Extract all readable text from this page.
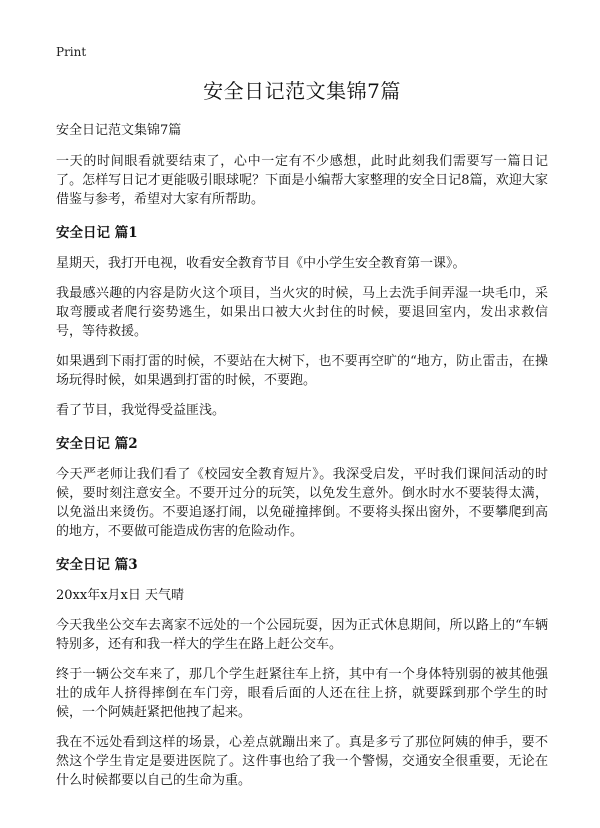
Print
安全日记范文集锦7篇
安全日记范文集锦7篇

一天的时间眼看就要结束了，心中一定有不少感想，此时此刻我们需要写一篇日记了。怎样写日记才更能吸引眼球呢？下面是小编帮大家整理的安全日记8篇，欢迎大家借鉴与参考，希望对大家有所帮助。

安全日记 篇1

星期天，我打开电视，收看安全教育节目《中小学生安全教育第一课》。

我最感兴趣的内容是防火这个项目，当火灾的时候，马上去洗手间弄湿一块毛巾，采取弯腰或者爬行姿势逃生，如果出口被大火封住的时候，要退回室内，发出求救信号，等待救援。

如果遇到下雨打雷的时候，不要站在大树下，也不要再空旷的“地方，防止雷击，在操场玩得时候，如果遇到打雷的时候，不要跑。

看了节目，我觉得受益匪浅。

安全日记 篇2

今天严老师让我们看了《校园安全教育短片》。我深受启发，平时我们课间活动的时候，要时刻注意安全。不要开过分的玩笑，以免发生意外。倒水时水不要装得太满，以免溢出来烫伤。不要追逐打闹，以免碰撞摔倒。不要将头探出窗外，不要攀爬到高的地方，不要做可能造成伤害的危险动作。

安全日记 篇3

20xx年x月x日 天气晴

今天我坐公交车去离家不远处的一个公园玩耍，因为正式休息期间，所以路上的“车辆特别多，还有和我一样大的学生在路上赶公交车。

终于一辆公交车来了，那几个学生赶紧往车上挤，其中有一个身体特别弱的被其他强壮的成年人挤得摔倒在车门旁，眼看后面的人还在往上挤，就要踩到那个学生的时候，一个阿姨赶紧把他拽了起来。

我在不远处看到这样的场景，心差点就蹦出来了。真是多亏了那位阿姨的伸手，要不然这个学生肯定是要进医院了。这件事也给了我一个警惕，交通安全很重要，无论在什么时候都要以自己的生命为重。
